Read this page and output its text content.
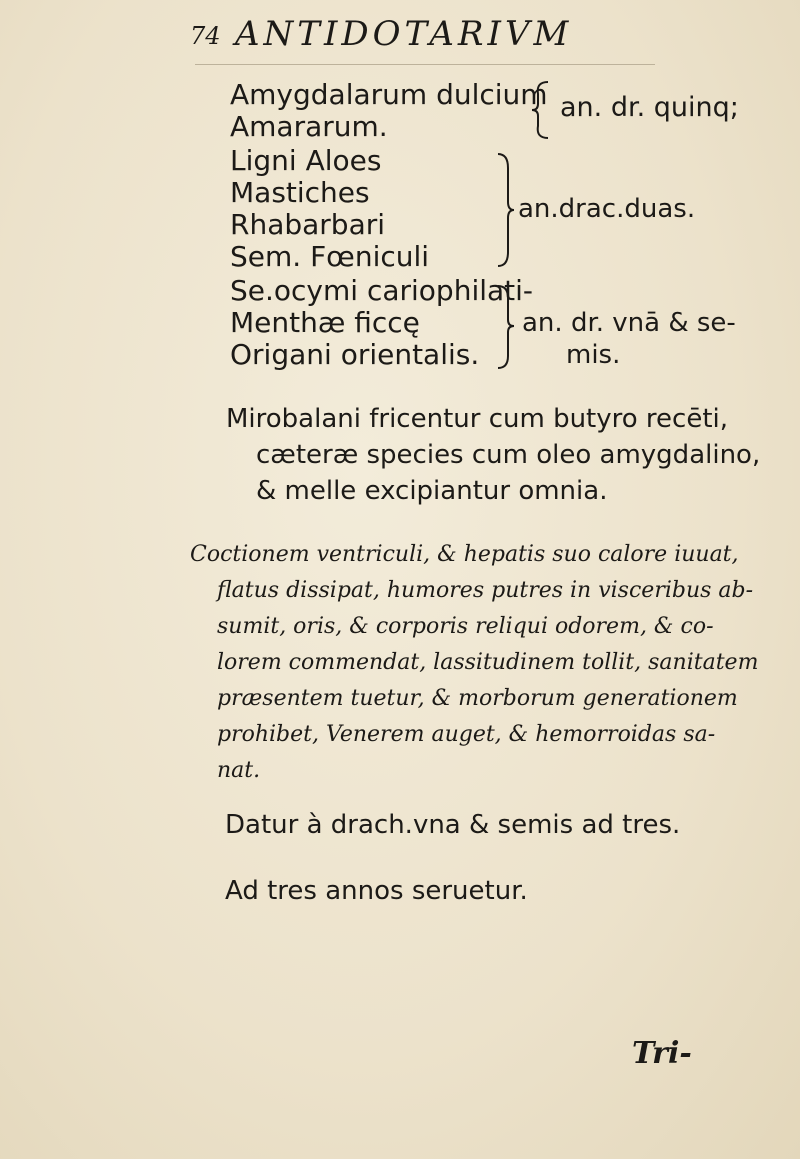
74 ANTIDOTARIVM
Amygdalarum dulcium
Amararum.
an. dr. quinq;
Ligni Aloes
Mastiches
Rhabarbari
Sem. Fœniculi
an.drac.duas.
Se.ocymi cariophilati-
Menthæ ficcę
Origani orientalis.
an. dr. vnā & se-
mis.
Mirobalani fricentur cum butyro recēti,
cæteræ species cum oleo amygdalino,
& melle excipiantur omnia.
Coctionem ventriculi, & hepatis suo calore iuuat,
flatus dissipat, humores putres in visceribus ab-
sumit, oris, & corporis reliqui odorem, & co-
lorem commendat, lassitudinem tollit, sanitatem
præsentem tuetur, & morborum generationem
prohibet, Venerem auget, & hemorroidas sa-
nat.
Datur à drach.vna & semis ad tres.
Ad tres annos seruetur.
Tri-
